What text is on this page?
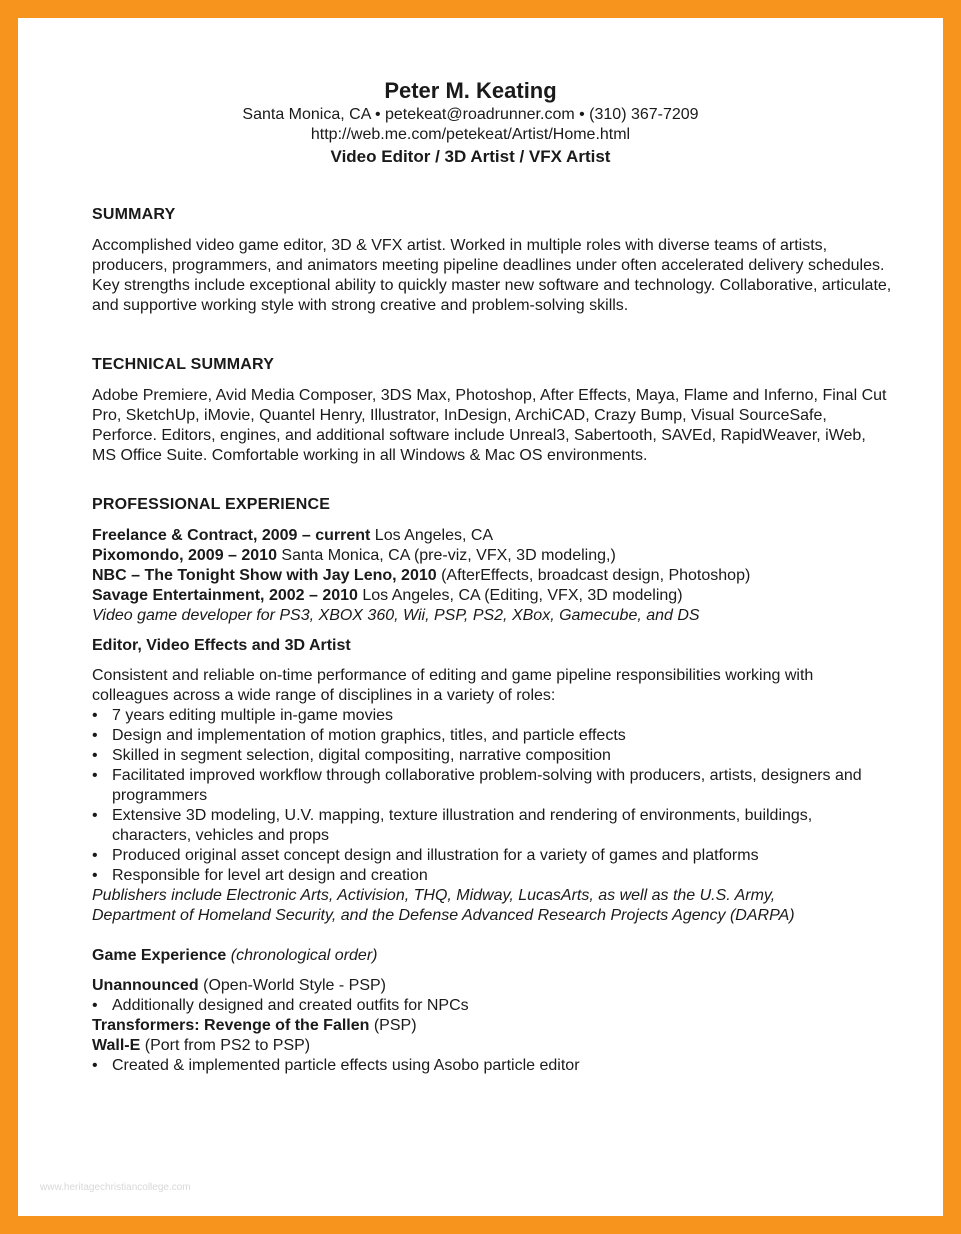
Peter M. Keating
Santa Monica, CA • petekeat@roadrunner.com • (310) 367-7209
http://web.me.com/petekeat/Artist/Home.html
Video Editor / 3D Artist / VFX Artist
SUMMARY

Accomplished video game editor, 3D & VFX artist. Worked in multiple roles with diverse teams of artists, producers, programmers, and animators meeting pipeline deadlines under often accelerated delivery schedules. Key strengths include exceptional ability to quickly master new software and technology. Collaborative, articulate, and supportive working style with strong creative and problem-solving skills.

TECHNICAL SUMMARY

Adobe Premiere, Avid Media Composer, 3DS Max, Photoshop, After Effects, Maya, Flame and Inferno, Final Cut Pro, SketchUp, iMovie, Quantel Henry, Illustrator, InDesign, ArchiCAD, Crazy Bump, Visual SourceSafe, Perforce. Editors, engines, and additional software include Unreal3, Sabertooth, SAVEd, RapidWeaver, iWeb, MS Office Suite. Comfortable working in all Windows & Mac OS environments.

PROFESSIONAL EXPERIENCE
Freelance & Contract, 2009 – current Los Angeles, CA
Pixomondo, 2009 – 2010 Santa Monica, CA (pre-viz, VFX, 3D modeling,)
NBC – The Tonight Show with Jay Leno, 2010 (AfterEffects, broadcast design, Photoshop)
Savage Entertainment, 2002 – 2010 Los Angeles, CA (Editing, VFX, 3D modeling)
Video game developer for PS3, XBOX 360, Wii, PSP, PS2, XBox, Gamecube, and DS
Editor, Video Effects and 3D Artist

Consistent and reliable on-time performance of editing and game pipeline responsibilities working with colleagues across a wide range of disciplines in a variety of roles:

• 7 years editing multiple in-game movies
• Design and implementation of motion graphics, titles, and particle effects
• Skilled in segment selection, digital compositing, narrative composition
• Facilitated improved workflow through collaborative problem-solving with producers, artists, designers and programmers
• Extensive 3D modeling, U.V. mapping, texture illustration and rendering of environments, buildings, characters, vehicles and props
• Produced original asset concept design and illustration for a variety of games and platforms
• Responsible for level art design and creation

Publishers include Electronic Arts, Activision, THQ, Midway, LucasArts, as well as the U.S. Army, Department of Homeland Security, and the Defense Advanced Research Projects Agency (DARPA)

Game Experience (chronological order)
Unannounced (Open-World Style - PSP)
• Additionally designed and created outfits for NPCs
Transformers: Revenge of the Fallen (PSP)
Wall-E (Port from PS2 to PSP)
• Created & implemented particle effects using Asobo particle editor
www.heritagechristiancollege.com
